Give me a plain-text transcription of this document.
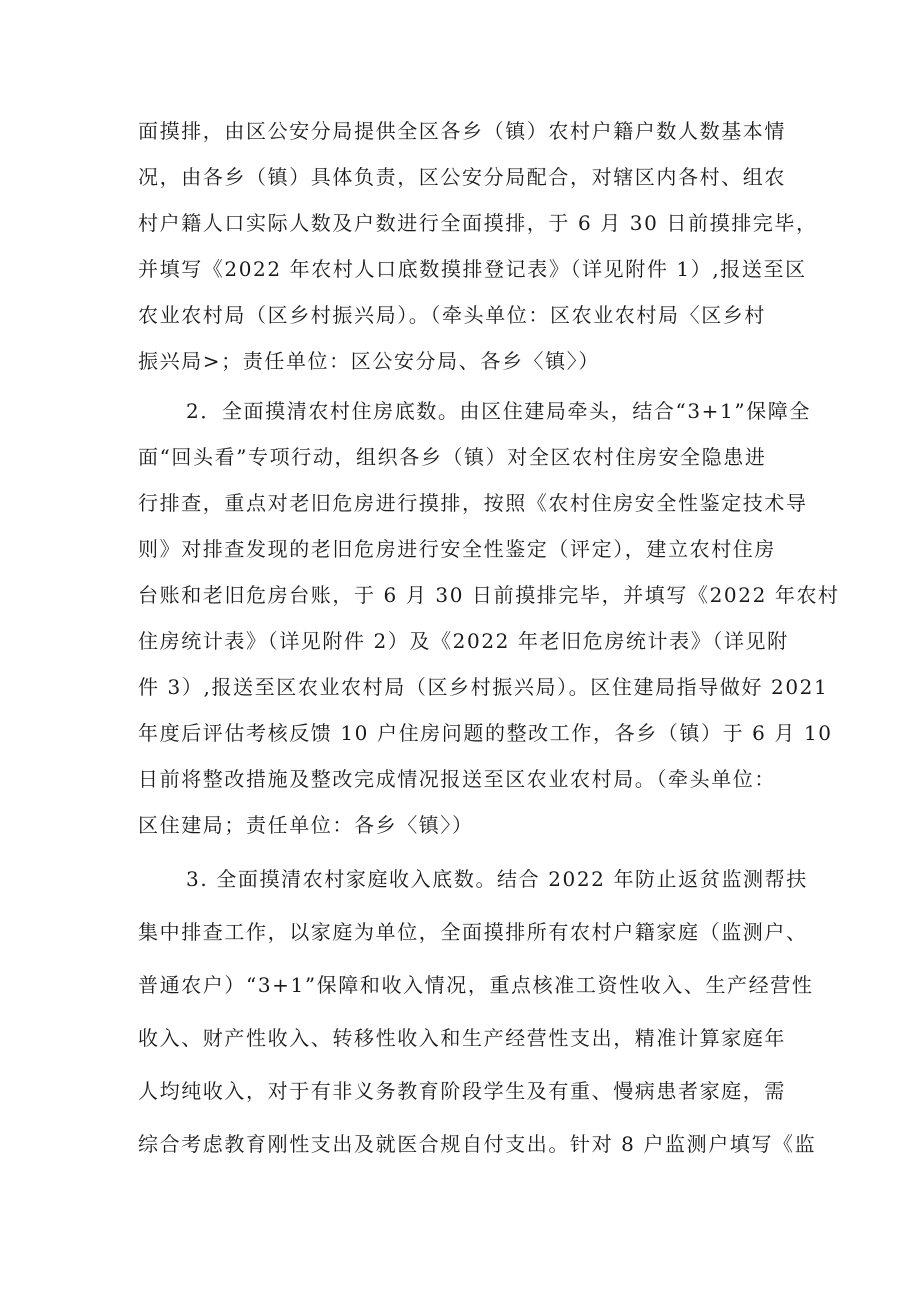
面摸排，由区公安分局提供全区各乡（镇）农村户籍户数人数基本情
况，由各乡（镇）具体负责，区公安分局配合，对辖区内各村、组农
村户籍人口实际人数及户数进行全面摸排，于 6 月 30 日前摸排完毕，
并填写《2022 年农村人口底数摸排登记表》（详见附件 1）,报送至区
农业农村局（区乡村振兴局）。（牵头单位：区农业农村局〈区乡村
振兴局>；责任单位：区公安分局、各乡〈镇〉）
2．全面摸清农村住房底数。由区住建局牵头，结合“3+1”保障全
面“回头看”专项行动，组织各乡（镇）对全区农村住房安全隐患进
行排查，重点对老旧危房进行摸排，按照《农村住房安全性鉴定技术导
则》对排查发现的老旧危房进行安全性鉴定（评定），建立农村住房
台账和老旧危房台账，于 6 月 30 日前摸排完毕，并填写《2022 年农村
住房统计表》（详见附件 2）及《2022 年老旧危房统计表》（详见附
件 3）,报送至区农业农村局（区乡村振兴局）。区住建局指导做好 2021
年度后评估考核反馈 10 户住房问题的整改工作，各乡（镇）于 6 月 10
日前将整改措施及整改完成情况报送至区农业农村局。（牵头单位：
区住建局；责任单位：各乡〈镇〉）
3. 全面摸清农村家庭收入底数。结合 2022 年防止返贫监测帮扶
集中排查工作，以家庭为单位，全面摸排所有农村户籍家庭（监测户、
普通农户）“3+1”保障和收入情况，重点核准工资性收入、生产经营性
收入、财产性收入、转移性收入和生产经营性支出，精准计算家庭年
人均纯收入，对于有非义务教育阶段学生及有重、慢病患者家庭，需
综合考虑教育刚性支出及就医合规自付支出。针对 8 户监测户填写《监
